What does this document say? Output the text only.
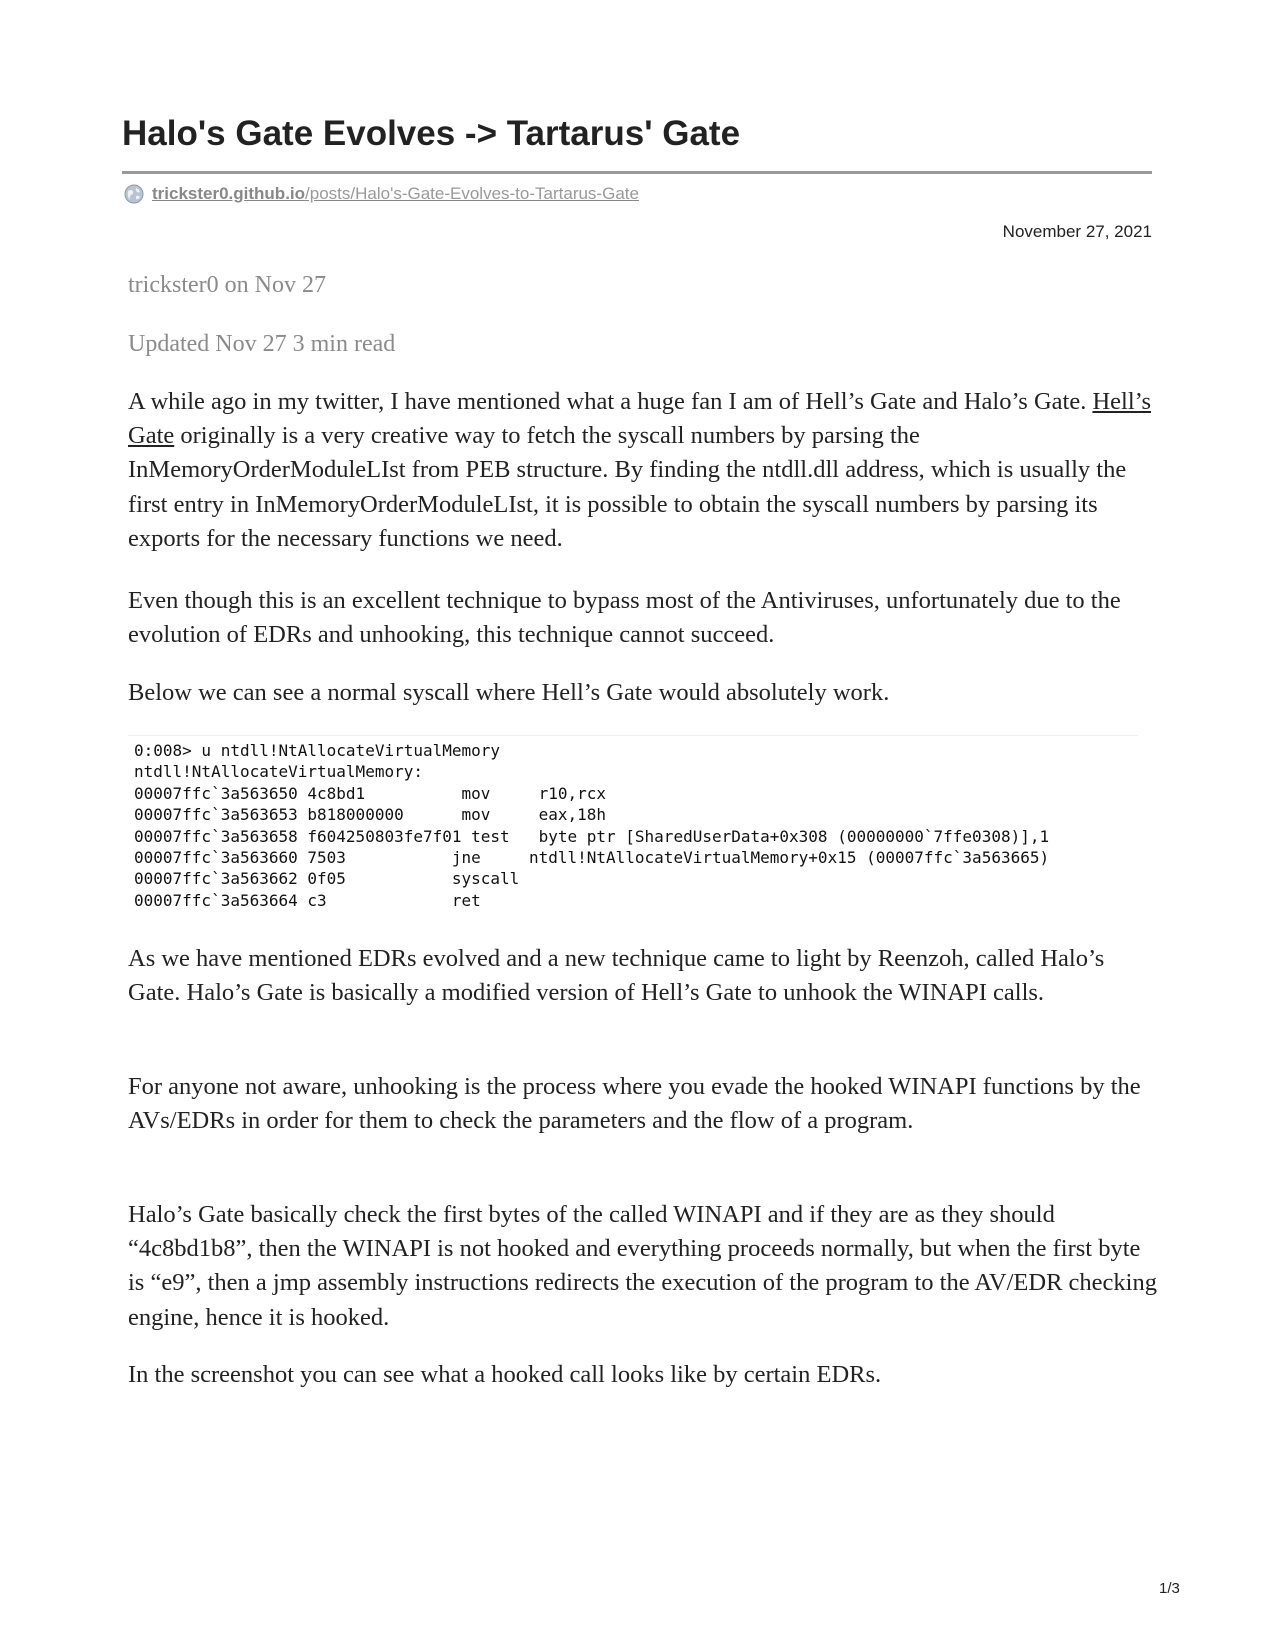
Halo's Gate Evolves -> Tartarus' Gate
trickster0.github.io/posts/Halo's-Gate-Evolves-to-Tartarus-Gate
November 27, 2021
trickster0 on Nov 27
Updated Nov 27 3 min read

A while ago in my twitter, I have mentioned what a huge fan I am of Hell’s Gate and Halo’s Gate. Hell’s Gate originally is a very creative way to fetch the syscall numbers by parsing the InMemoryOrderModuleLIst from PEB structure. By finding the ntdll.dll address, which is usually the first entry in InMemoryOrderModuleLIst, it is possible to obtain the syscall numbers by parsing its exports for the necessary functions we need.

Even though this is an excellent technique to bypass most of the Antiviruses, unfortunately due to the evolution of EDRs and unhooking, this technique cannot succeed.

Below we can see a normal syscall where Hell’s Gate would absolutely work.

0:008> u ntdll!NtAllocateVirtualMemory
ntdll!NtAllocateVirtualMemory:
00007ffc`3a563650 4c8bd1          mov     r10,rcx
00007ffc`3a563653 b818000000      mov     eax,18h
00007ffc`3a563658 f604250803fe7f01 test   byte ptr [SharedUserData+0x308 (00000000`7ffe0308)],1
00007ffc`3a563660 7503           jne     ntdll!NtAllocateVirtualMemory+0x15 (00007ffc`3a563665)
00007ffc`3a563662 0f05           syscall
00007ffc`3a563664 c3             ret

As we have mentioned EDRs evolved and a new technique came to light by Reenzoh, called Halo’s Gate. Halo’s Gate is basically a modified version of Hell’s Gate to unhook the WINAPI calls.

For anyone not aware, unhooking is the process where you evade the hooked WINAPI functions by the AVs/EDRs in order for them to check the parameters and the flow of a program.

Halo’s Gate basically check the first bytes of the called WINAPI and if they are as they should “4c8bd1b8”, then the WINAPI is not hooked and everything proceeds normally, but when the first byte is “e9”, then a jmp assembly instructions redirects the execution of the program to the AV/EDR checking engine, hence it is hooked.

In the screenshot you can see what a hooked call looks like by certain EDRs.

1/3
